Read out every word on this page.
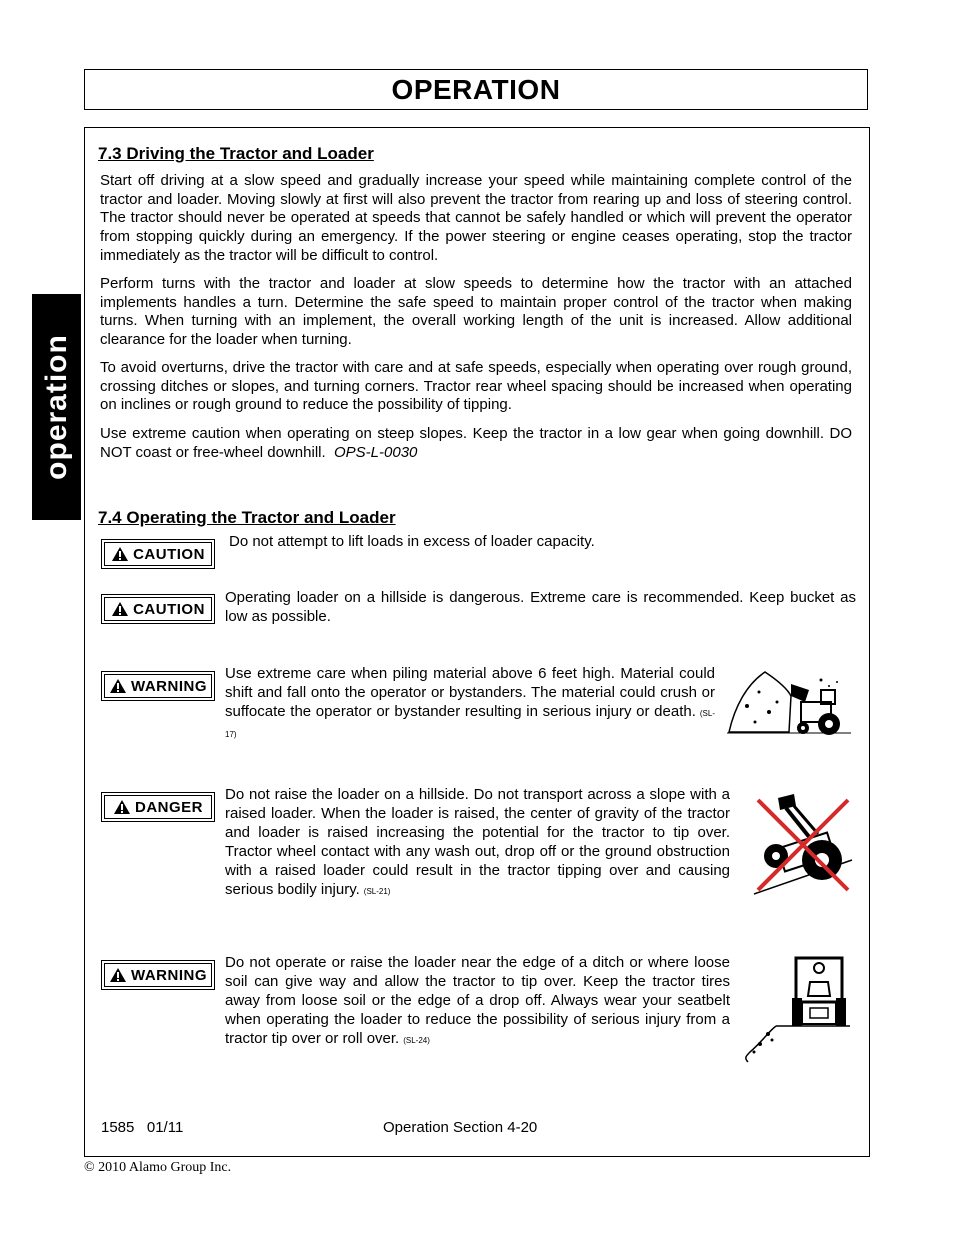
OPERATION
operation
7.3 Driving the Tractor and Loader

Start off driving at a slow speed and gradually increase your speed while maintaining complete control of the tractor and loader. Moving slowly at first will also prevent the tractor from rearing up and loss of steering control. The tractor should never be operated at speeds that cannot be safely handled or which will prevent the operator from stopping quickly during an emergency. If the power steering or engine ceases operating, stop the tractor immediately as the tractor will be difficult to control.

Perform turns with the tractor and loader at slow speeds to determine how the tractor with an attached implements handles a turn. Determine the safe speed to maintain proper control of the tractor when making turns. When turning with an implement, the overall working length of the unit is increased. Allow additional clearance for the loader when turning.

To avoid overturns, drive the tractor with care and at safe speeds, especially when operating over rough ground, crossing ditches or slopes, and turning corners. Tractor rear wheel spacing should be increased when operating on inclines or rough ground to reduce the possibility of tipping.

Use extreme caution when operating on steep slopes. Keep the tractor in a low gear when going downhill. DO NOT coast or free-wheel downhill. OPS-L-0030

7.4 Operating the Tractor and Loader
CAUTION

Do not attempt to lift loads in excess of loader capacity.

CAUTION

Operating loader on a hillside is dangerous. Extreme care is recommended. Keep bucket as low as possible.

WARNING

Use extreme care when piling material above 6 feet high. Material could shift and fall onto the operator or bystanders. The material could crush or suffocate the operator or bystander resulting in serious injury or death. (SL-17)

DANGER

Do not raise the loader on a hillside. Do not transport across a slope with a raised loader. When the loader is raised, the center of gravity of the tractor and loader is raised increasing the potential for the tractor to tip over. Tractor wheel contact with any wash out, drop off or the ground obstruction with a raised loader could result in the tractor tipping over and causing serious bodily injury. (SL-21)

WARNING

Do not operate or raise the loader near the edge of a ditch or where loose soil can give way and allow the tractor to tip over. Keep the tractor tires away from loose soil or the edge of a drop off. Always wear your seatbelt when operating the loader to reduce the possibility of serious injury from a tractor tip over or roll over. (SL-24)

1585   01/11	Operation Section 4-20
© 2010 Alamo Group Inc.
